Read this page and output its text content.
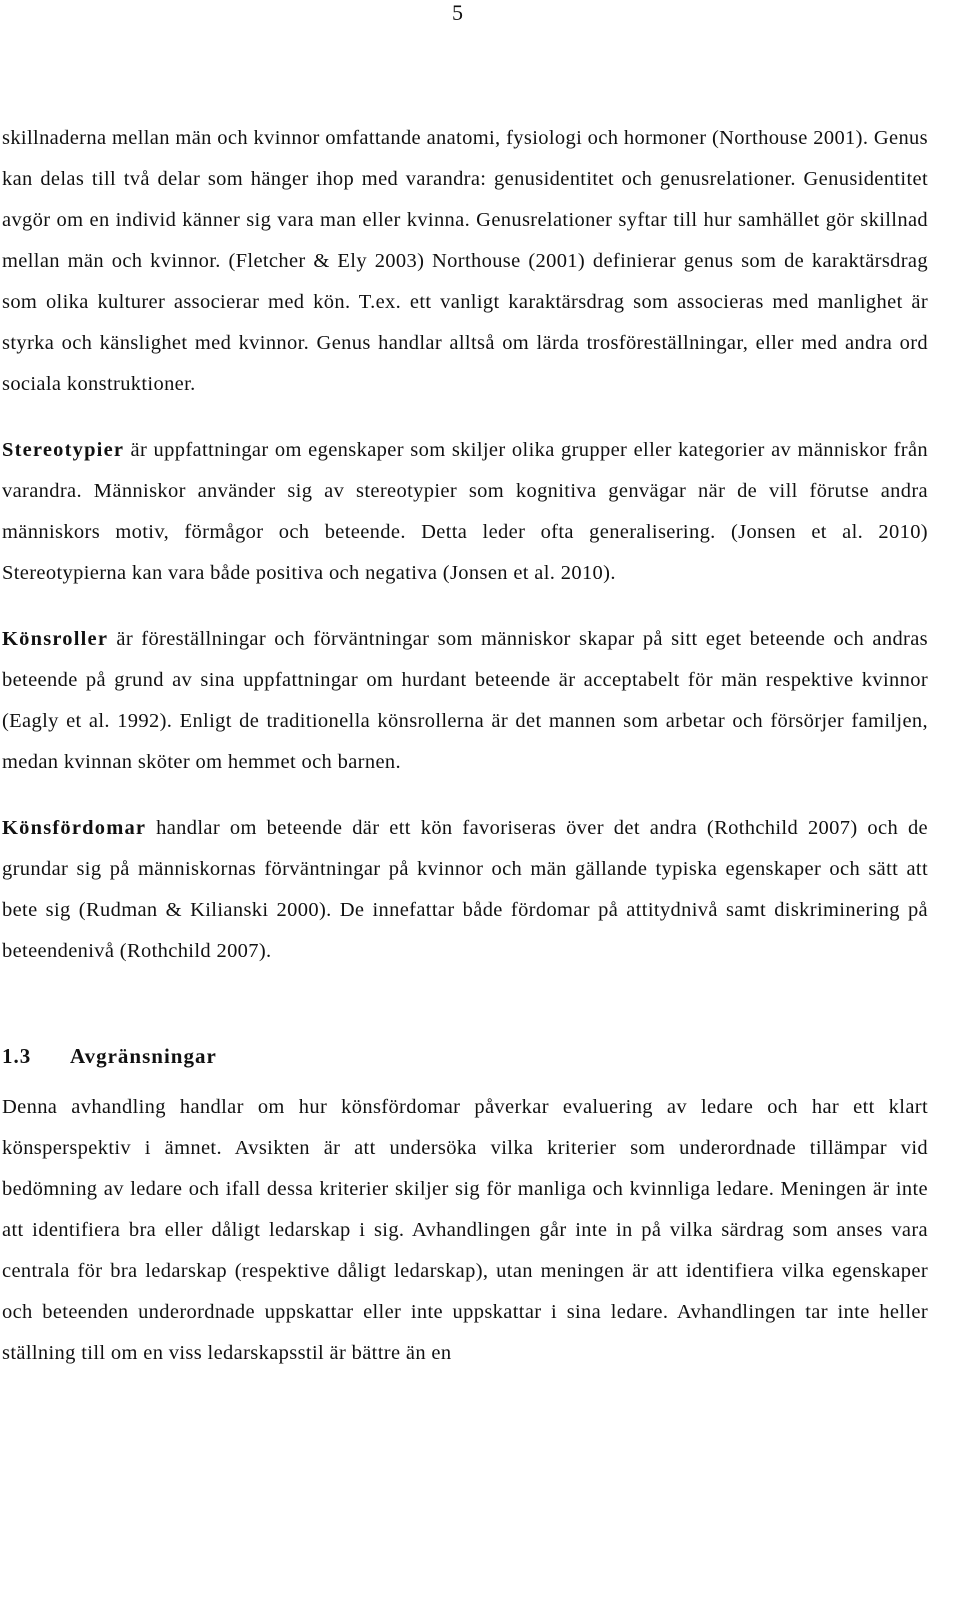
5

skillnaderna mellan män och kvinnor omfattande anatomi, fysiologi och hormoner (Northouse 2001). Genus kan delas till två delar som hänger ihop med varandra: genusidentitet och genusrelationer. Genusidentitet avgör om en individ känner sig vara man eller kvinna. Genusrelationer syftar till hur samhället gör skillnad mellan män och kvinnor. (Fletcher & Ely 2003) Northouse (2001) definierar genus som de karaktärsdrag som olika kulturer associerar med kön. T.ex. ett vanligt karaktärsdrag som associeras med manlighet är styrka och känslighet med kvinnor. Genus handlar alltså om lärda trosföreställningar, eller med andra ord sociala konstruktioner.

Stereotypier är uppfattningar om egenskaper som skiljer olika grupper eller kategorier av människor från varandra. Människor använder sig av stereotypier som kognitiva genvägar när de vill förutse andra människors motiv, förmågor och beteende. Detta leder ofta generalisering. (Jonsen et al. 2010) Stereotypierna kan vara både positiva och negativa (Jonsen et al. 2010).

Könsroller är föreställningar och förväntningar som människor skapar på sitt eget beteende och andras beteende på grund av sina uppfattningar om hurdant beteende är acceptabelt för män respektive kvinnor (Eagly et al. 1992). Enligt de traditionella könsrollerna är det mannen som arbetar och försörjer familjen, medan kvinnan sköter om hemmet och barnen.

Könsfördomar handlar om beteende där ett kön favoriseras över det andra (Rothchild 2007) och de grundar sig på människornas förväntningar på kvinnor och män gällande typiska egenskaper och sätt att bete sig (Rudman & Kilianski 2000). De innefattar både fördomar på attitydnivå samt diskriminering på beteendenivå (Rothchild 2007).

1.3 Avgränsningar

Denna avhandling handlar om hur könsfördomar påverkar evaluering av ledare och har ett klart könsperspektiv i ämnet. Avsikten är att undersöka vilka kriterier som underordnade tillämpar vid bedömning av ledare och ifall dessa kriterier skiljer sig för manliga och kvinnliga ledare. Meningen är inte att identifiera bra eller dåligt ledarskap i sig. Avhandlingen går inte in på vilka särdrag som anses vara centrala för bra ledarskap (respektive dåligt ledarskap), utan meningen är att identifiera vilka egenskaper och beteenden underordnade uppskattar eller inte uppskattar i sina ledare. Avhandlingen tar inte heller ställning till om en viss ledarskapsstil är bättre än en
